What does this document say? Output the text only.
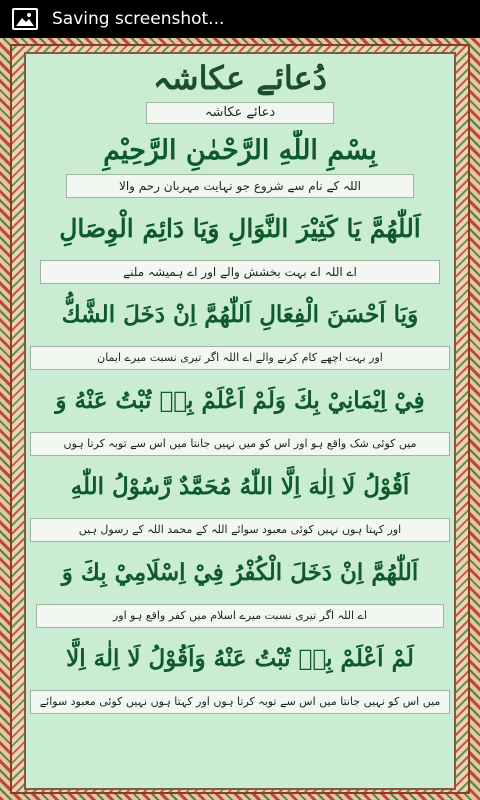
Saving screenshot...
دُعائے عکاشہ
دعائے عکاشہ
بِسْمِ اللّٰهِ الرَّحْمٰنِ الرَّحِيْمِ
اللہ کے نام سے شروع جو نہایت مہربان رحم والا
اَللّٰهُمَّ يَا كَثِيْرَ النَّوَالِ وَيَا دَائِمَ الْوِصَالِ
اے اللہ اے بہت بخشش والے اور اے ہمیشہ ملنے
وَيَا اَحْسَنَ الْفِعَالِ اَللّٰهُمَّ اِنْ دَخَلَ الشَّكُّ
اور بہت اچھے کام کرنے والے اے اللہ اگر تیری نسبت میرے ایمان
فِيْ اِيْمَانِيْ بِكَ وَلَمْ اَعْلَمْ بِهٖ تُبْتُ عَنْهُ وَ
میں کوئی شک واقع ہو اور اس کو میں نہیں جانتا میں اس سے توبہ کرتا ہوں
اَقُوْلُ لَا اِلٰهَ اِلَّا اللّٰهُ مُحَمَّدٌ رَّسُوْلُ اللّٰهِ
اور کہتا ہوں نہیں کوئی معبود سوائے اللہ کے محمد اللہ کے رسول ہیں
اَللّٰهُمَّ اِنْ دَخَلَ الْكُفْرُ فِيْ اِسْلَامِيْ بِكَ وَ
اے اللہ اگر تیری نسبت میرے اسلام میں کفر واقع ہو اور
لَمْ اَعْلَمْ بِهٖ تُبْتُ عَنْهُ وَاَقُوْلُ لَا اِلٰهَ اِلَّا
میں اس کو نہیں جانتا میں اس سے توبہ کرتا ہوں اور کہتا ہوں نہیں کوئی معبود سوائے
